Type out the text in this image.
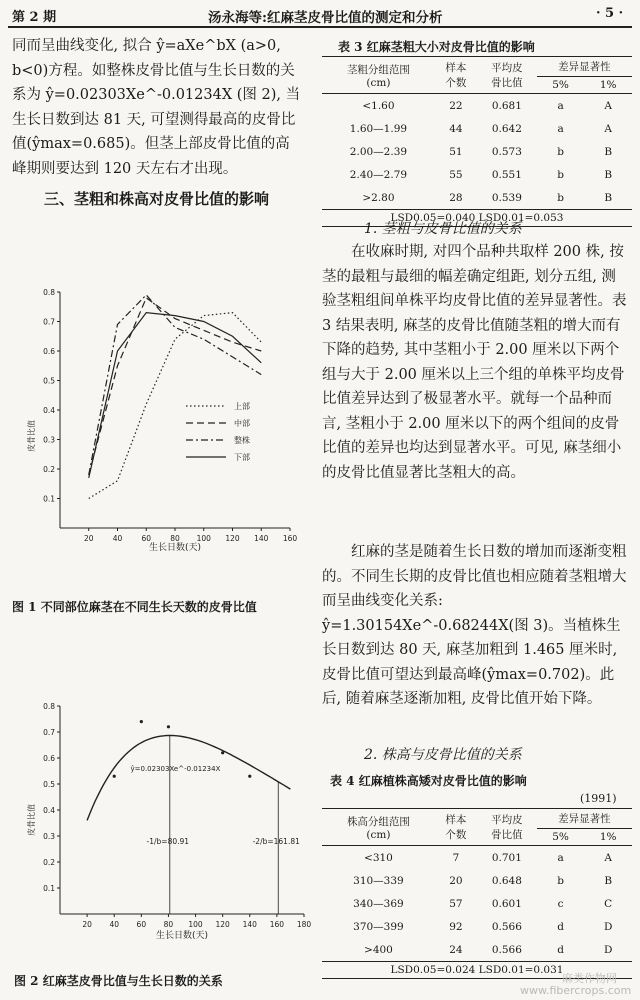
第 2 期	汤永海等:红麻茎皮骨比值的测定和分析	· 5 ·

同而呈曲线变化, 拟合 ŷ=aXe^bX (a>0, b<0)方程。如整株皮骨比值与生长日数的关系为 ŷ=0.02303Xe^-0.01234X (图 2), 当生长日数到达 81 天, 可望测得最高的皮骨比值(ŷmax=0.685)。但茎上部皮骨比值的高峰期则要达到 120 天左右才出现。

三、茎粗和株高对皮骨比值的影响
0.1
0.2
0.3
0.4
0.5
0.6
0.7
0.8
20	40	60	80 100 120 140 160
生长日数(天)
皮骨比值
上部
中部
整株
下部
图 1 不同部位麻茎在不同生长天数的皮骨比值
0.1
0.2
0.3
0.4
0.5
0.6
0.7
0.8
20 40 60 80 100 120 140 160 180
生长日数(天)
皮骨比值
ŷ=0.02303Xe^-0.01234X
-1/b=80.91	-2/b=161.81
图 2 红麻茎皮骨比值与生长日数的关系
表 3 红麻茎粗大小对皮骨比值的影响
茎粗分组范围
(cm)	样本
个数	平均皮
骨比值	差异显著性	
			5%	1%
<1.60	22	0.681	a	A
1.60—1.99	44	0.642	a	A
2.00—2.39	51	0.573	b	B
2.40—2.79	55	0.551	b	B
>2.80	28	0.539	b	B
LSD0.05=0.040 LSD0.01=0.053
1. 茎粗与皮骨比值的关系

在收麻时期, 对四个品种共取样 200 株, 按茎的最粗与最细的幅差确定组距, 划分五组, 测验茎粗组间单株平均皮骨比值的差异显著性。表 3 结果表明, 麻茎的皮骨比值随茎粗的增大而有下降的趋势, 其中茎粗小于 2.00 厘米以下两个组与大于 2.00 厘米以上三个组的单株平均皮骨比值差异达到了极显著水平。就每一个品种而言, 茎粗小于 2.00 厘米以下的两个组间的皮骨比值的差异也均达到显著水平。可见, 麻茎细小的皮骨比值显著比茎粗大的高。

红麻的茎是随着生长日数的增加而逐渐变粗的。不同生长期的皮骨比值也相应随着茎粗增大而呈曲线变化关系: ŷ=1.30154Xe^-0.68244X(图 3)。当植株生长日数到达 80 天, 麻茎加粗到 1.465 厘米时, 皮骨比值可望达到最高峰(ŷmax=0.702)。此后, 随着麻茎逐渐加粗, 皮骨比值开始下降。

2. 株高与皮骨比值的关系
表 4 红麻植株高矮对皮骨比值的影响
(1991)
株高分组范围
(cm)	样本
个数	平均皮
骨比值	差异显著性	
			5%	1%
<310	7	0.701	a	A
310—339	20	0.648	b	B
340—369	57	0.601	c	C
370—399	92	0.566	d	D
>400	24	0.566	d	D
LSD0.05=0.024 LSD0.01=0.031
麻类作物网
www.fibercrops.com
